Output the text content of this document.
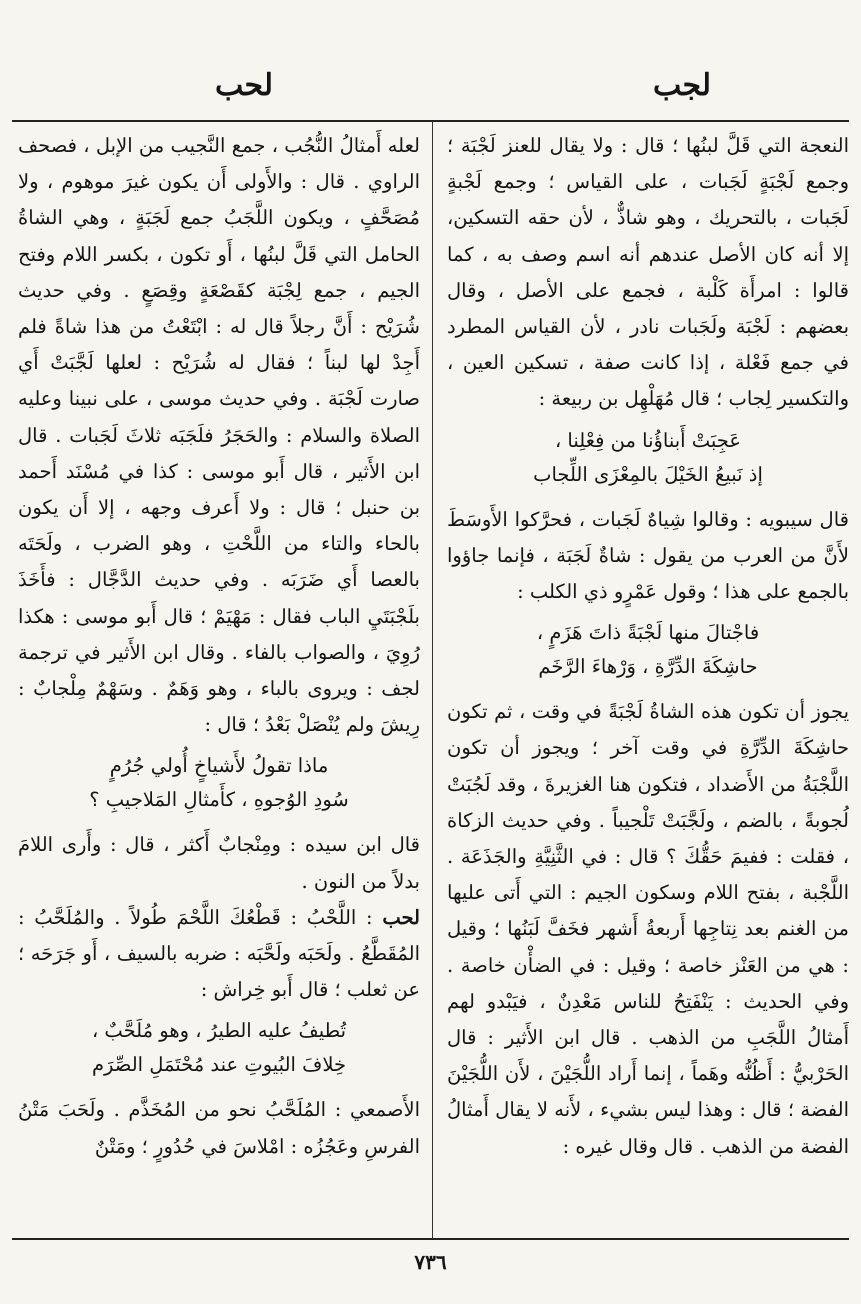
لجب
لحب

النعجة التي قَلَّ لبنُها ؛ قال : ولا يقال للعنز لَجْبَة ؛ وجمع لَجْبَةٍ لَجَبات ، على القياس ؛ وجمع لَجْبةٍ لَجَبات ، بالتحريك ، وهو شاذٌّ ، لأن حقه التسكين، إلا أنه كان الأصل عندهم أنه اسم وصف به ، كما قالوا : امرأَة كَلْبة ، فجمع على الأصل ، وقال بعضهم : لَجْبَة ولَجَبات نادر ، لأن القياس المطرد في جمع فَعْلة ، إذا كانت صفة ، تسكين العين ، والتكسير لِجاب ؛ قال مُهَلْهِل بن ربيعة :

عَجِبَتْ أَبناؤُنا من فِعْلِنا ،
إذ نَبيعُ الخَيْلَ بالمِعْزَى اللِّجاب

قال سيبويه : وقالوا شِياهٌ لَجَبات ، فحرَّكوا الأَوسَطَ لأَنَّ من العرب من يقول : شاةٌ لَجَبَة ، فإنما جاؤوا بالجمع على هذا ؛ وقول عَمْرٍو ذي الكلب :

فاجْتالَ منها لَجْبَةً ذاتَ هَزَمٍ ،
حاشِكَةَ الدِّرَّةِ ، وَرْهاءَ الرَّخَم

يجوز أن تكون هذه الشاةُ لَجْبَةً في وقت ، ثم تكون حاشِكَةَ الدِّرَّةِ في وقت آخر ؛ ويجوز أن تكون اللَّجْبَةُ من الأَضداد ، فتكون هنا الغزيرةَ ، وقد لَجُبَتْ لُجوبةً ، بالضم ، ولَجَّبَتْ تَلْجيباً . وفي حديث الزكاة ، فقلت : ففيمَ حَقُّكَ ؟ قال : في الثَّنِيَّةِ والجَذَعَة . اللَّجْبة ، بفتح اللام وسكون الجيم : التي أَتى عليها من الغنم بعد نِتاجِها أَربعةُ أَشهر فخَفَّ لَبَنُها ؛ وقيل : هي من العَنْز خاصة ؛ وقيل : في الضأْن خاصة . وفي الحديث : يَنْفَتِحُ للناس مَعْدِنٌ ، فيَبْدو لهم أَمثالُ اللَّجَبِ من الذهب . قال ابن الأَثير : قال الحَرْبيُّ : أَظُنُّه وهَماً ، إنما أَراد اللُّجَيْنَ ، لأَن اللُّجَيْنَ الفضة ؛ قال : وهذا ليس بشيء ، لأَنه لا يقال أَمثالُ الفضة من الذهب . قال وقال غيره :

لعله أَمثالُ النُّجُب ، جمع النَّجيب من الإبل ، فصحف الراوي . قال : والأَولى أَن يكون غيرَ موهوم ، ولا مُصَحَّفٍ ، ويكون اللَّجَبُ جمع لَجَبَةٍ ، وهي الشاةُ الحامل التي قَلَّ لبنُها ، أَو تكون ، بكسر اللام وفتح الجيم ، جمع لِجْبَة كقَصْعَةٍ وقِصَعٍ . وفي حديث شُرَيْح : أَنَّ رجلاً قال له : ابْتَعْتُ من هذا شاةً فلم أَجِدْ لها لبناً ؛ فقال له شُرَيْح : لعلها لَجَّبَتْ أَي صارت لَجْبَة . وفي حديث موسى ، على نبينا وعليه الصلاة والسلام : والحَجَرُ فلَجَبَه ثلاثَ لَجَبات . قال ابن الأَثير ، قال أَبو موسى : كذا في مُسْنَد أَحمد بن حنبل ؛ قال : ولا أَعرف وجهه ، إلا أَن يكون بالحاء والتاء من اللَّحْتِ ، وهو الضرب ، ولَحَتَه بالعصا أَي ضَرَبَه . وفي حديث الدَّجَّال : فأَخَذَ بلَجْبَتَيِ الباب فقال : مَهْيَمْ ؛ قال أَبو موسى : هكذا رُوِيَ ، والصواب بالفاء . وقال ابن الأَثير في ترجمة لجف : ويروى بالباء ، وهو وَهَمٌ . وسَهْمٌ مِلْجابٌ : رِيشَ ولم يُنْصَلْ بَعْدُ ؛ قال :

ماذا تقولُ لأَشياخٍ أُولي جُرُمٍ
سُودِ الوُجوهِ ، كأَمثالِ المَلاجيبِ ؟

قال ابن سيده : ومِنْجابٌ أَكثر ، قال : وأَرى اللامَ بدلاً من النون .

لحب : اللَّحْبُ : قَطْعُكَ اللَّحْمَ طُولاً . والمُلَحَّبُ : المُقَطَّعُ . ولَحَبَه ولَحَّبَه : ضربه بالسيف ، أَو جَرَحَه ؛ عن ثعلب ؛ قال أَبو خِراش :

تُطيفُ عليه الطيرُ ، وهو مُلَحَّبٌ ،
خِلافَ البُيوتِ عند مُحْتَمَلِ الصِّرَم

الأَصمعي : المُلَحَّبُ نحو من المُخَذَّم . ولَحَبَ مَتْنُ الفرسِ وعَجُزُه : امْلاسَ في حُدُورٍ ؛ ومَتْنٌ

٧٣٦
